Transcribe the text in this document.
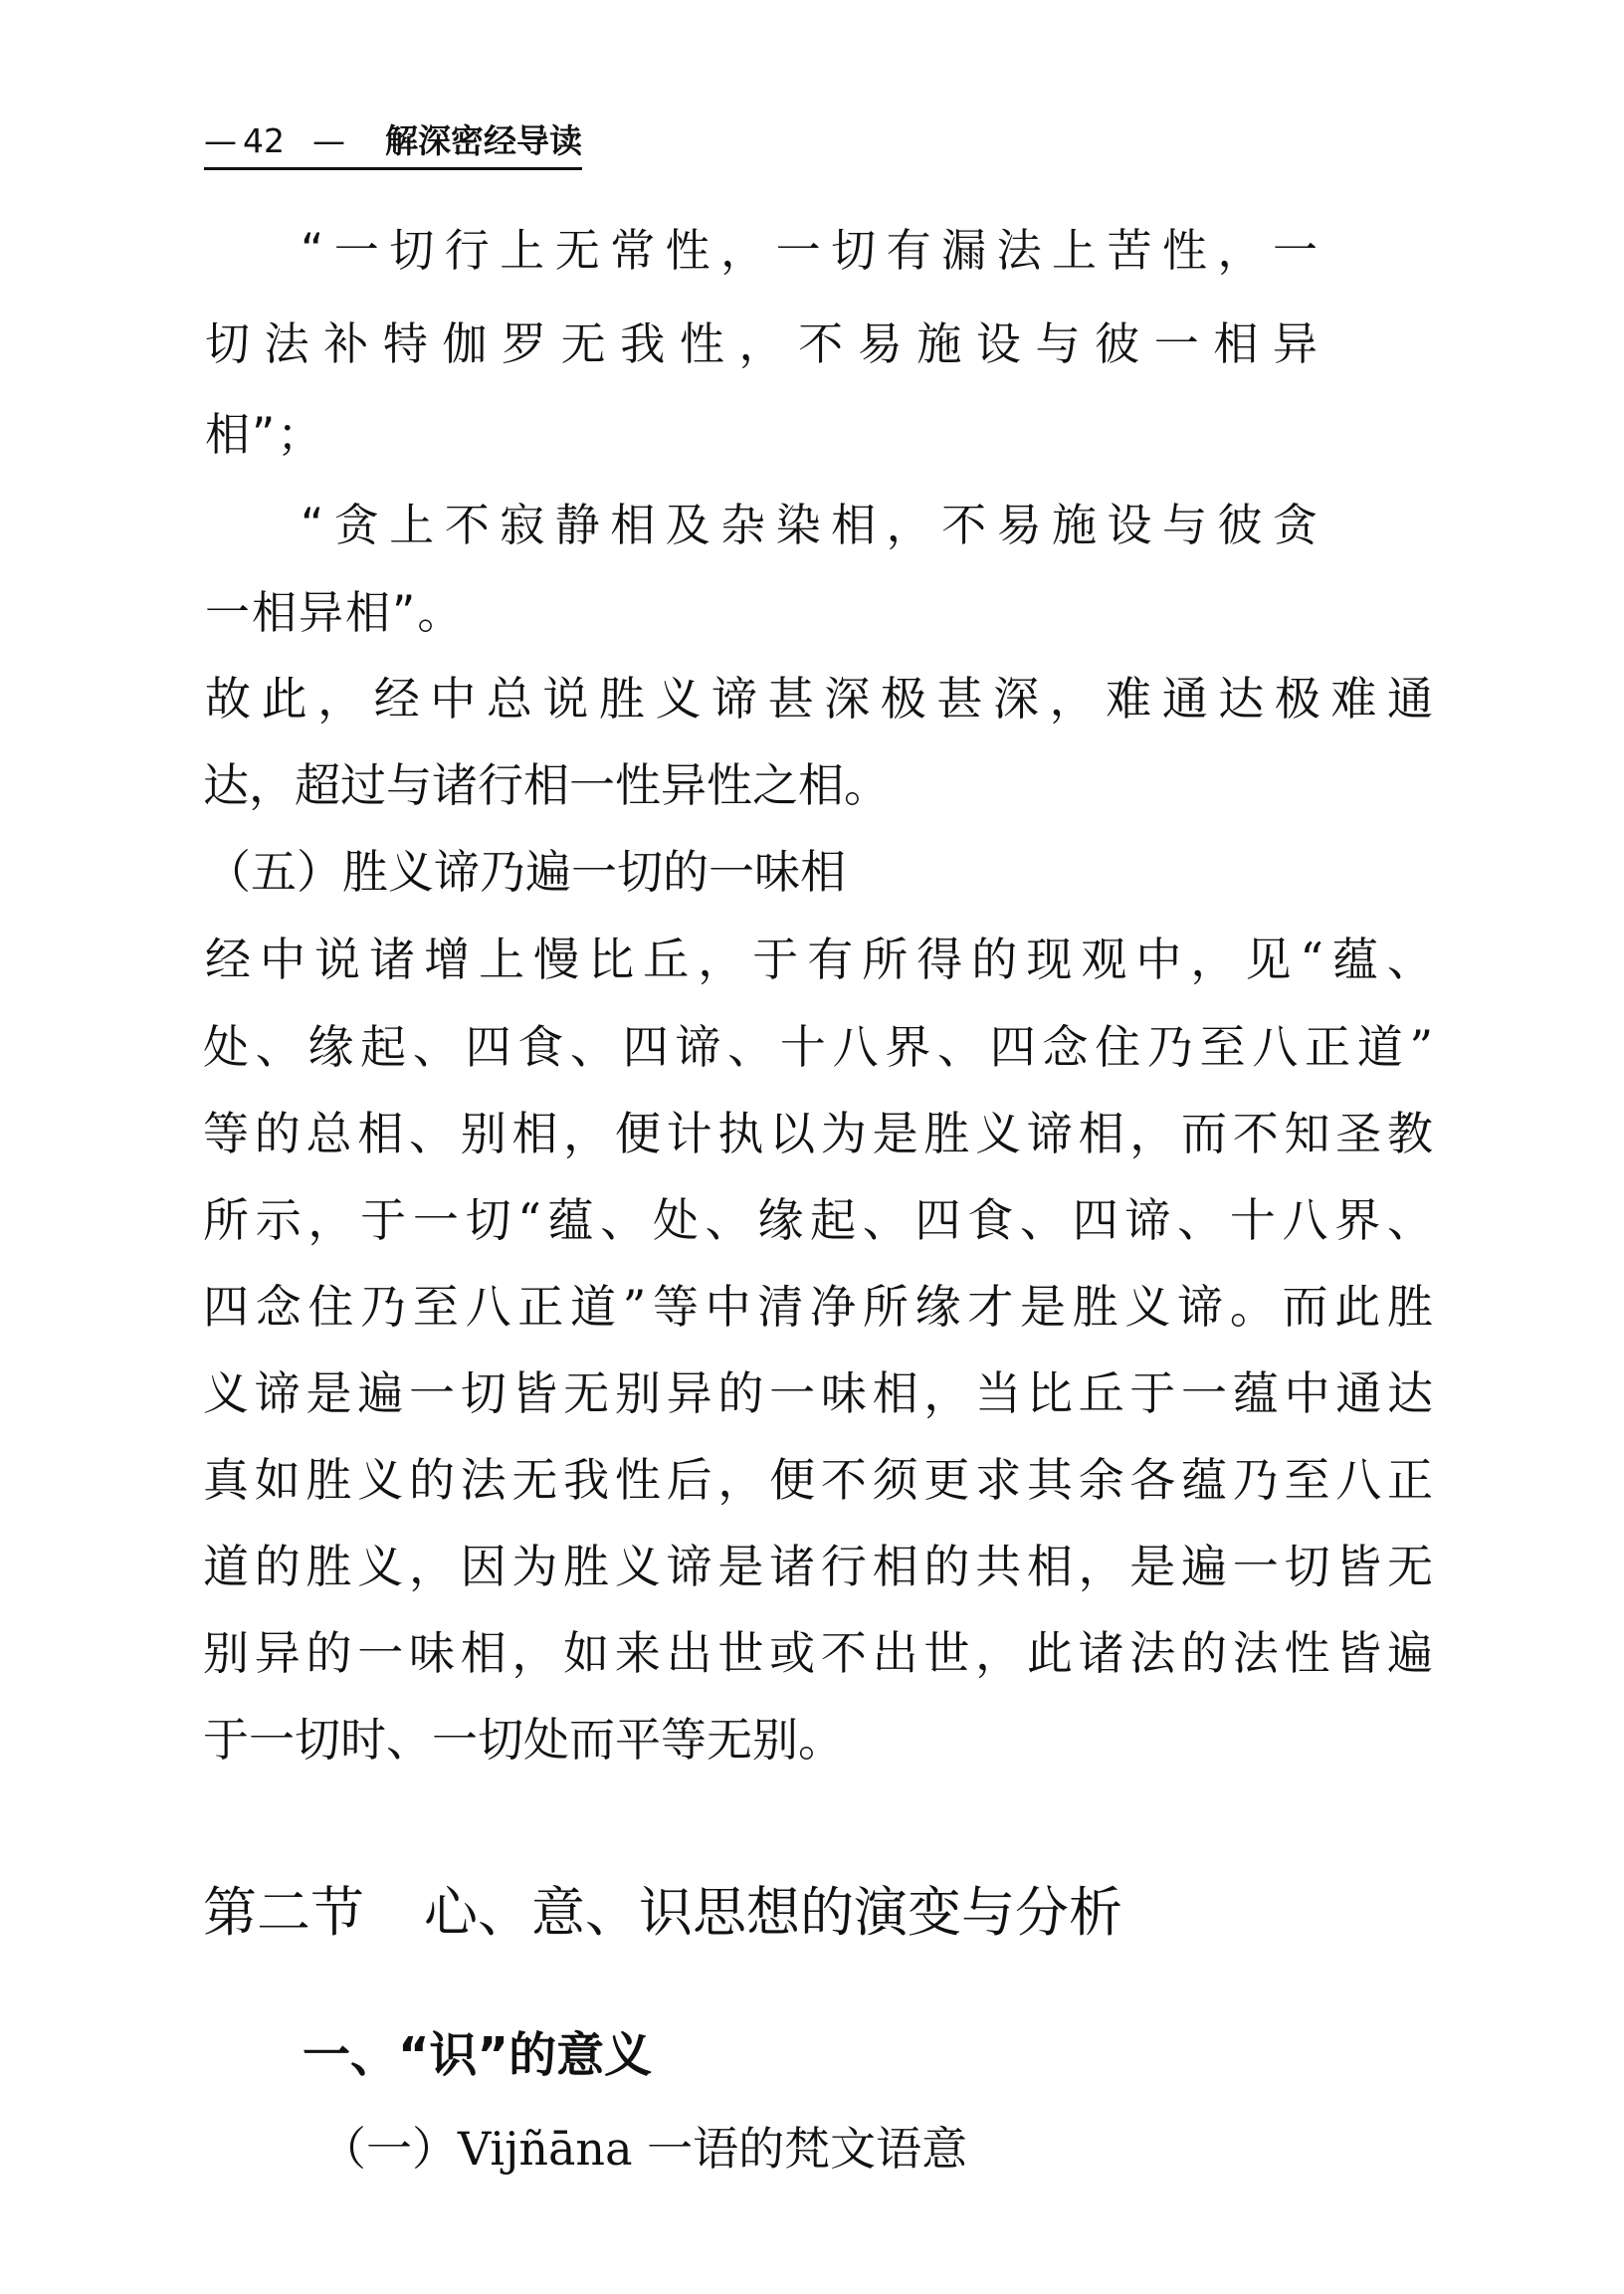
— 42 — 解深密经导读
“一切行上无常性，一切有漏法上苦性，一
切法补特伽罗无我性，不易施设与彼一相异
相”；
“贪上不寂静相及杂染相，不易施设与彼贪
一相异相”。
故此，经中总说胜义谛甚深极甚深，难通达极难通
达，超过与诸行相一性异性之相。
（五）胜义谛乃遍一切的一味相
经中说诸增上慢比丘，于有所得的现观中，见“蕴、
处、缘起、四食、四谛、十八界、四念住乃至八正道”
等的总相、别相，便计执以为是胜义谛相，而不知圣教
所示，于一切“蕴、处、缘起、四食、四谛、十八界、
四念住乃至八正道”等中清净所缘才是胜义谛。而此胜
义谛是遍一切皆无别异的一味相，当比丘于一蕴中通达
真如胜义的法无我性后，便不须更求其余各蕴乃至八正
道的胜义，因为胜义谛是诸行相的共相，是遍一切皆无
别异的一味相，如来出世或不出世，此诸法的法性皆遍
于一切时、一切处而平等无别。
第二节 心、意、识思想的演变与分析
一、“识”的意义
（一）Vijñāna 一语的梵文语意
